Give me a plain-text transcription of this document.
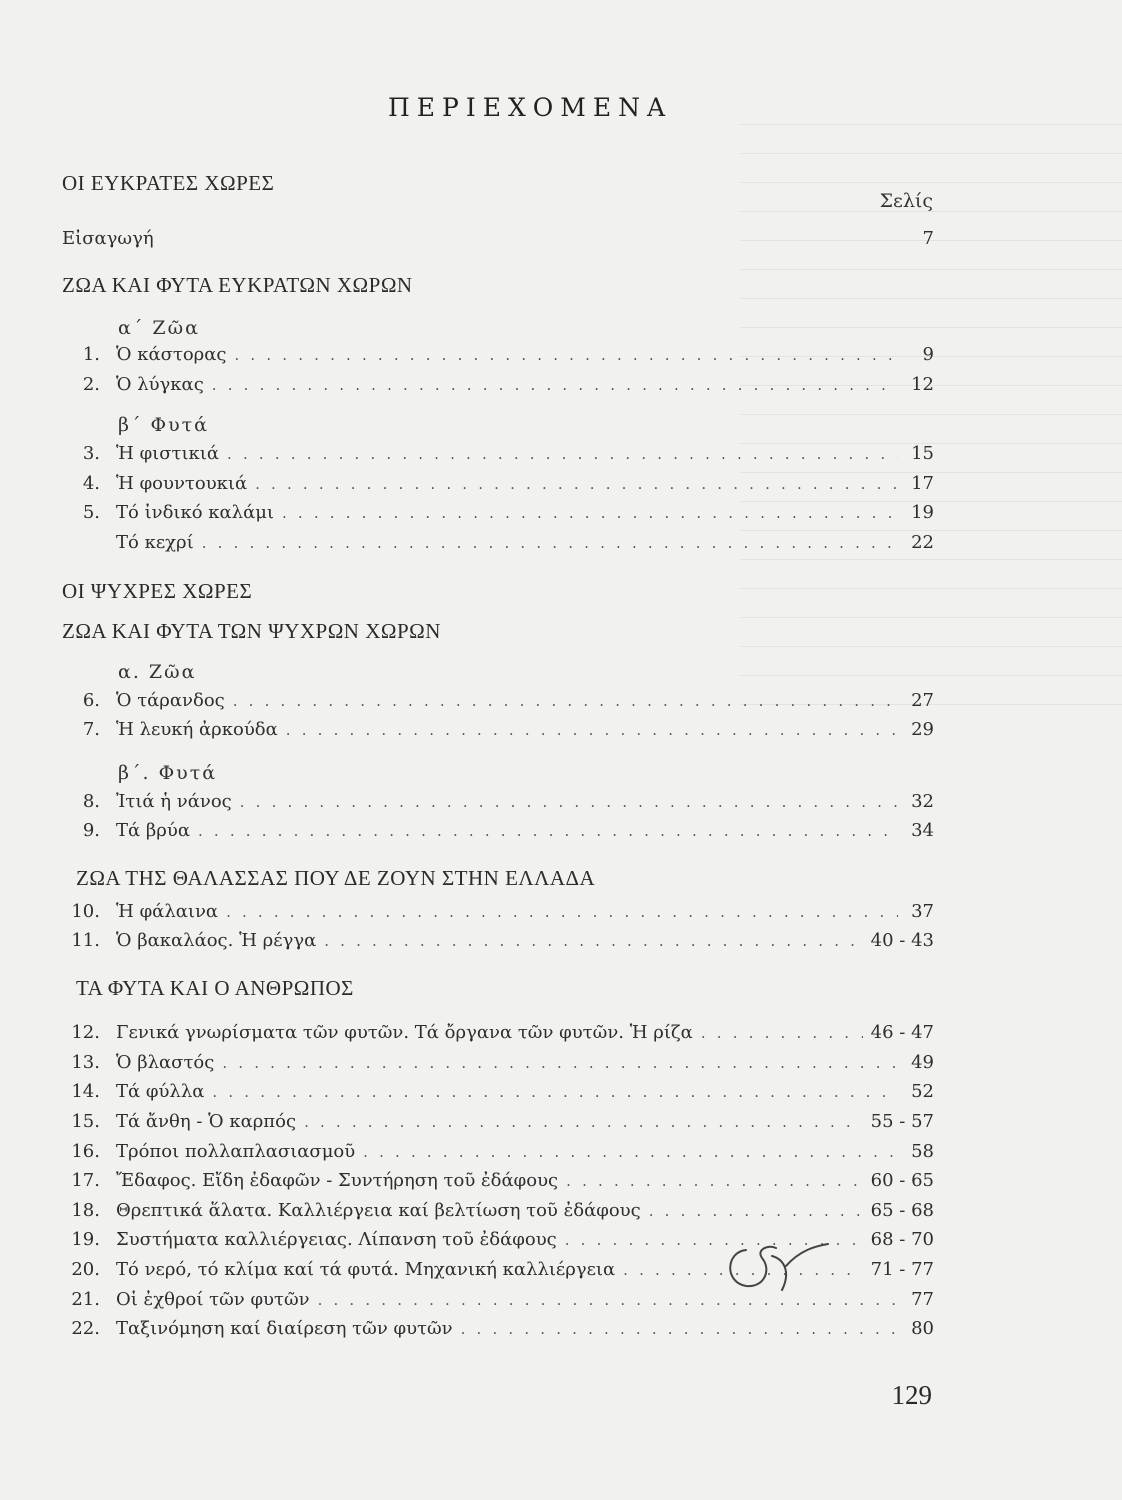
ΠΕΡΙΕΧΟΜΕΝΑ
ΟΙ ΕΥΚΡΑΤΕΣ ΧΩΡΕΣ
Σελίς
Εἰσαγωγή	7
ΖΩΑ ΚΑΙ ΦΥΤΑ ΕΥΚΡΑΤΩΝ ΧΩΡΩΝ
α΄ Ζῶα
1. Ὁ κάστορας . . .	9
2. Ὁ λύγκας . . .	12
β΄ Φυτά
3. Ἡ φιστικιά . . .	15
4. Ἡ φουντουκιά . . .	17
5. Τό ἰνδικό καλάμι . . .	19
Τό κεχρί . . .	22
ΟΙ ΨΥΧΡΕΣ ΧΩΡΕΣ
ΖΩΑ ΚΑΙ ΦΥΤΑ ΤΩΝ ΨΥΧΡΩΝ ΧΩΡΩΝ
α. Ζῶα
6. Ὁ τάρανδος . . .	27
7. Ἡ λευκή ἀρκούδα . . .	29
β΄. Φυτά
8. Ἰτιά ἡ νάνος . . .	32
9. Τά βρύα . . .	34
ΖΩΑ ΤΗΣ ΘΑΛΑΣΣΑΣ ΠΟΥ ΔΕ ΖΟΥΝ ΣΤΗΝ ΕΛΛΑΔΑ
10. Ἡ φάλαινα . . .	37
11. Ὁ βακαλάος. Ἡ ρέγγα . . .	40 - 43
ΤΑ ΦΥΤΑ ΚΑΙ Ο ΑΝΘΡΩΠΟΣ
12. Γενικά γνωρίσματα τῶν φυτῶν. Τά ὄργανα τῶν φυτῶν. Ἡ ρίζα . . .	46 - 47
13. Ὁ βλαστός . . .	49
14. Τά φύλλα . . .	52
15. Τά ἄνθη - Ὁ καρπός . . .	55 - 57
16. Τρόποι πολλαπλασιασμοῦ . . .	58
17. Ἔδαφος. Εἴδη ἐδαφῶν - Συντήρηση τοῦ ἐδάφους . . .	60 - 65
18. Θρεπτικά ἅλατα. Καλλιέργεια καί βελτίωση τοῦ ἐδάφους . . .	65 - 68
19. Συστήματα καλλιέργειας. Λίπανση τοῦ ἐδάφους . . .	68 - 70
20. Τό νερό, τό κλίμα καί τά φυτά. Μηχανική καλλιέργεια . . .	71 - 77
21. Οἱ ἐχθροί τῶν φυτῶν . . .	77
22. Ταξινόμηση καί διαίρεση τῶν φυτῶν . . .	80
129
